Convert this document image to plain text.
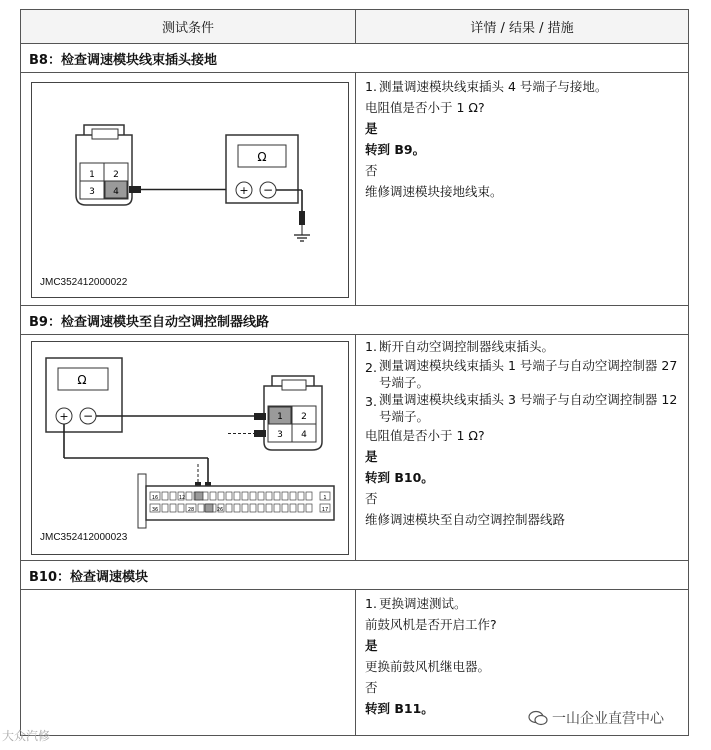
测试条件	详情 / 结果 / 措施
B8：检查调速模块线束插头接地
1 2
3 4	+ −
Ω
JMC352412000022

1. 测量调速模块线束插头 4 号端子与接地。

电阻值是否小于 1 Ω?

是

转到 B9。

否

维修调速模块接地线束。

B9：检查调速模块至自动空调控制器线路
+ −
Ω
1 2
3 4
16	1
36	17
28	26
12
JMC352412000023

1. 断开自动空调控制器线束插头。

2. 测量调速模块线束插头 1 号端子与自动空调控制器 27 号端子。

3. 测量调速模块线束插头 3 号端子与自动空调控制器 12 号端子。

电阻值是否小于 1 Ω?

是

转到 B10。

否

维修调速模块至自动空调控制器线路

B10：检查调速模块

1. 更换调速测试。

前鼓风机是否开启工作?

是

更换前鼓风机继电器。

否

转到 B11。

大众汽修
一山企业直营中心
